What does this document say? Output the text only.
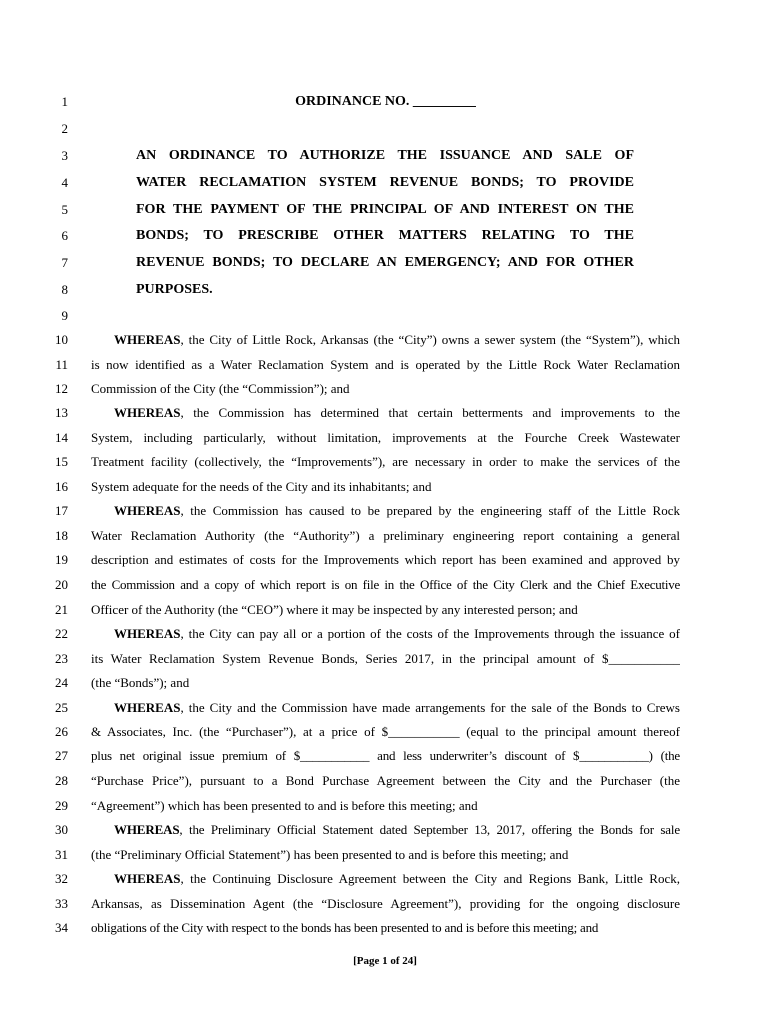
1	ORDINANCE NO. _________
2
3	AN ORDINANCE TO AUTHORIZE THE ISSUANCE AND SALE OF
4	WATER RECLAMATION SYSTEM REVENUE BONDS; TO PROVIDE
5	FOR THE PAYMENT OF THE PRINCIPAL OF AND INTEREST ON THE
6	BONDS; TO PRESCRIBE OTHER MATTERS RELATING TO THE
7	REVENUE BONDS; TO DECLARE AN EMERGENCY; AND FOR OTHER
8	PURPOSES.
9
10	WHEREAS, the City of Little Rock, Arkansas (the “City”) owns a sewer system (the “System”), which
11 is now identified as a Water Reclamation System and is operated by the Little Rock Water Reclamation
12 Commission of the City (the “Commission”); and
13	WHEREAS, the Commission has determined that certain betterments and improvements to the
14 System, including particularly, without limitation, improvements at the Fourche Creek Wastewater
15 Treatment facility (collectively, the “Improvements”), are necessary in order to make the services of the
16 System adequate for the needs of the City and its inhabitants; and
17	WHEREAS, the Commission has caused to be prepared by the engineering staff of the Little Rock
18 Water Reclamation Authority (the “Authority”) a preliminary engineering report containing a general
19 description and estimates of costs for the Improvements which report has been examined and approved by
20 the Commission and a copy of which report is on file in the Office of the City Clerk and the Chief Executive
21 Officer of the Authority (the “CEO”) where it may be inspected by any interested person; and
22	WHEREAS, the City can pay all or a portion of the costs of the Improvements through the issuance of
23 its Water Reclamation System Revenue Bonds, Series 2017, in the principal amount of $___________
24 (the “Bonds”); and
25	WHEREAS, the City and the Commission have made arrangements for the sale of the Bonds to Crews
26 & Associates, Inc. (the “Purchaser”), at a price of $___________ (equal to the principal amount thereof
27 plus net original issue premium of $___________ and less underwriter’s discount of $___________) (the
28 “Purchase Price”), pursuant to a Bond Purchase Agreement between the City and the Purchaser (the
29 “Agreement”) which has been presented to and is before this meeting; and
30	WHEREAS, the Preliminary Official Statement dated September 13, 2017, offering the Bonds for sale
31 (the “Preliminary Official Statement”) has been presented to and is before this meeting; and
32	WHEREAS, the Continuing Disclosure Agreement between the City and Regions Bank, Little Rock,
33 Arkansas, as Dissemination Agent (the “Disclosure Agreement”), providing for the ongoing disclosure
34 obligations of the City with respect to the bonds has been presented to and is before this meeting; and
[Page 1 of 24]
